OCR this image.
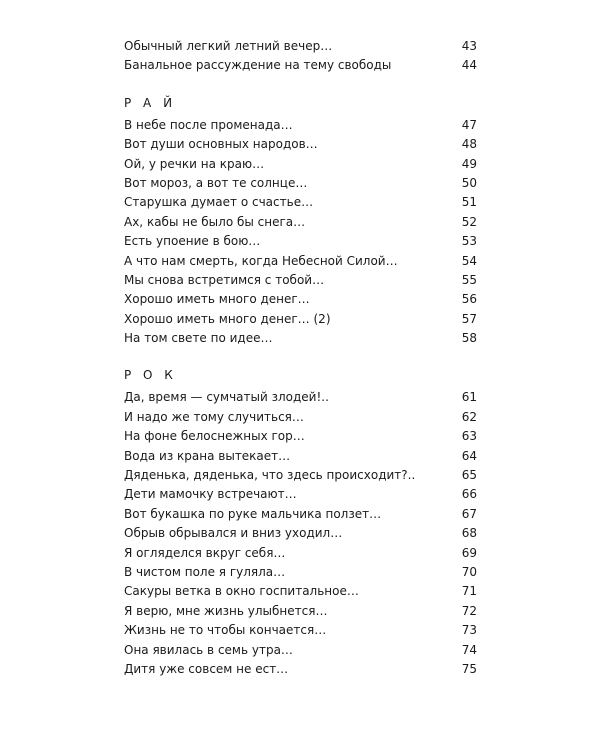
Обычный легкий летний вечер…	43
Банальное рассуждение на тему свободы	44
Р А Й
В небе после променада…	47
Вот души основных народов…	48
Ой, у речки на краю…	49
Вот мороз, а вот те солнце…	50
Старушка думает о счастье…	51
Ах, кабы не было бы снега…	52
Есть упоение в бою…	53
А что нам смерть, когда Небесной Силой…	54
Мы снова встретимся с тобой…	55
Хорошо иметь много денег…	56
Хорошо иметь много денег… (2)	57
На том свете по идее…	58
Р О К
Да, время — сумчатый злодей!..	61
И надо же тому случиться…	62
На фоне белоснежных гор…	63
Вода из крана вытекает…	64
Дяденька, дяденька, что здесь происходит?..	65
Дети мамочку встречают…	66
Вот букашка по руке мальчика ползет…	67
Обрыв обрывался и вниз уходил…	68
Я огляделся вкруг себя…	69
В чистом поле я гуляла…	70
Сакуры ветка в окно госпитальное…	71
Я верю, мне жизнь улыбнется…	72
Жизнь не то чтобы кончается…	73
Она явилась в семь утра…	74
Дитя уже совсем не ест…	75
